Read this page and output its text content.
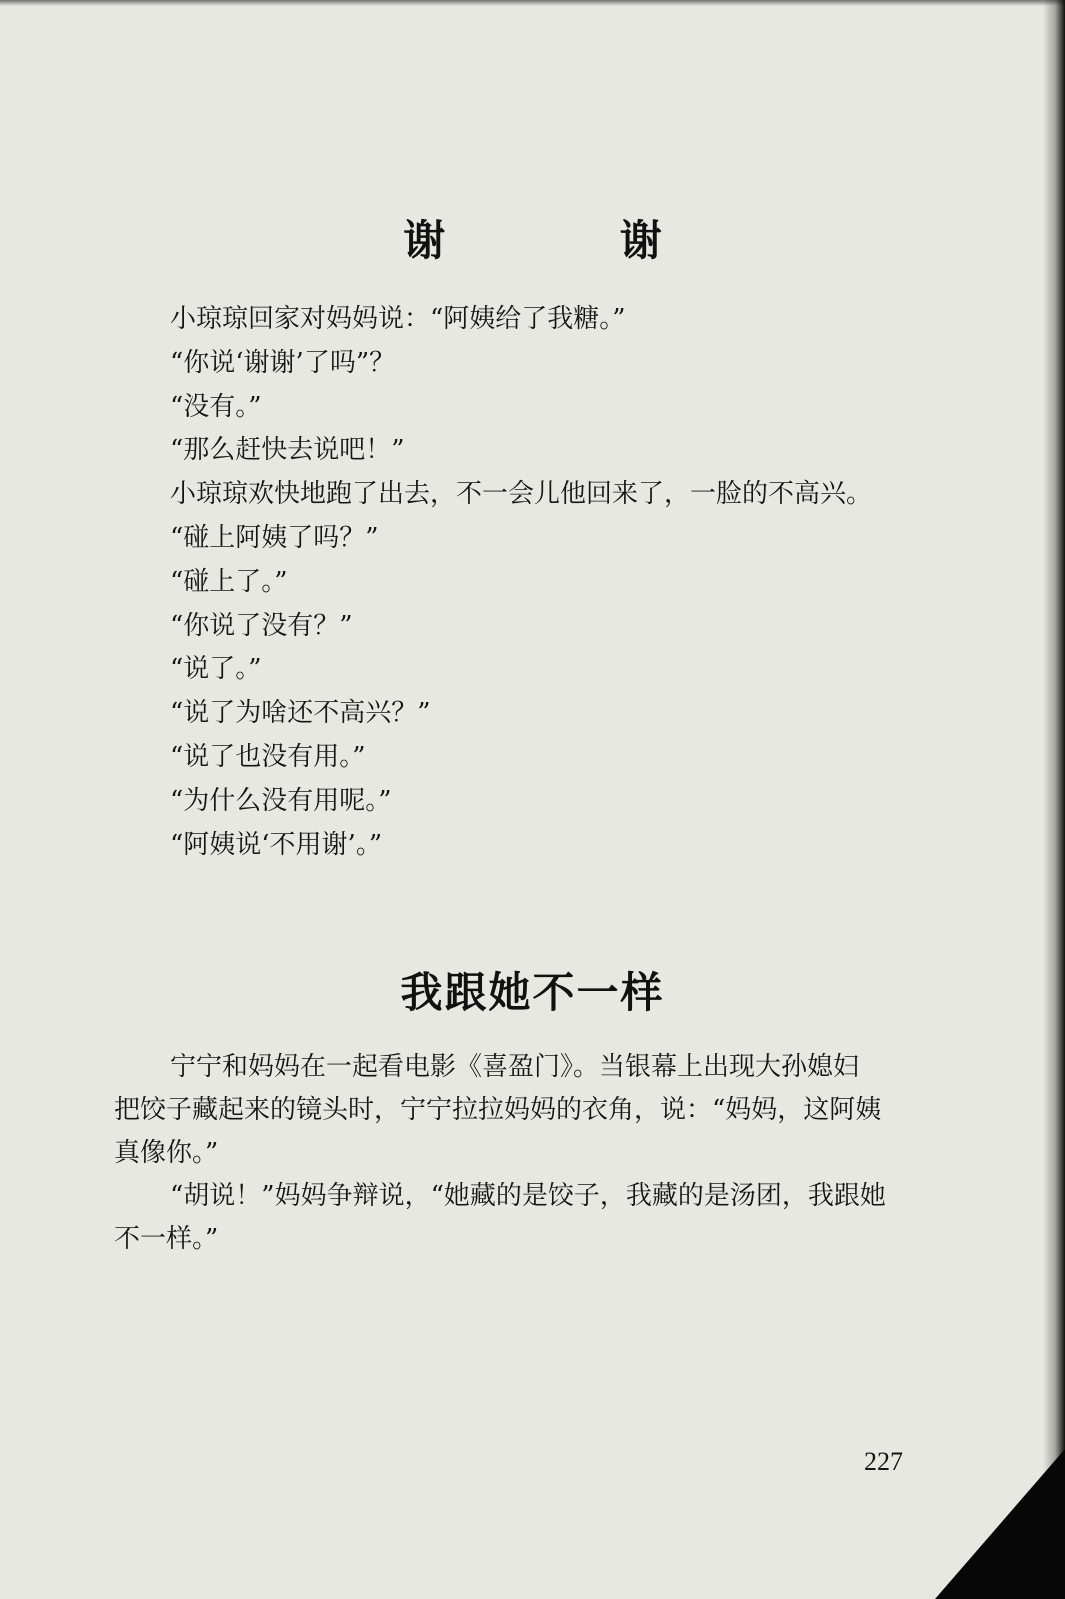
谢 谢
小琼琼回家对妈妈说：“阿姨给了我糖。”
“你说‘谢谢’了吗”？
“没有。”
“那么赶快去说吧！”
小琼琼欢快地跑了出去，不一会儿他回来了，一脸的不高兴。
“碰上阿姨了吗？”
“碰上了。”
“你说了没有？”
“说了。”
“说了为啥还不高兴？”
“说了也没有用。”
“为什么没有用呢。”
“阿姨说‘不用谢’。”
我跟她不一样
宁宁和妈妈在一起看电影《喜盈门》。当银幕上出现大孙媳妇
把饺子藏起来的镜头时，宁宁拉拉妈妈的衣角，说：“妈妈，这阿姨
真像你。”
“胡说！”妈妈争辩说，“她藏的是饺子，我藏的是汤团，我跟她
不一样。”
227
